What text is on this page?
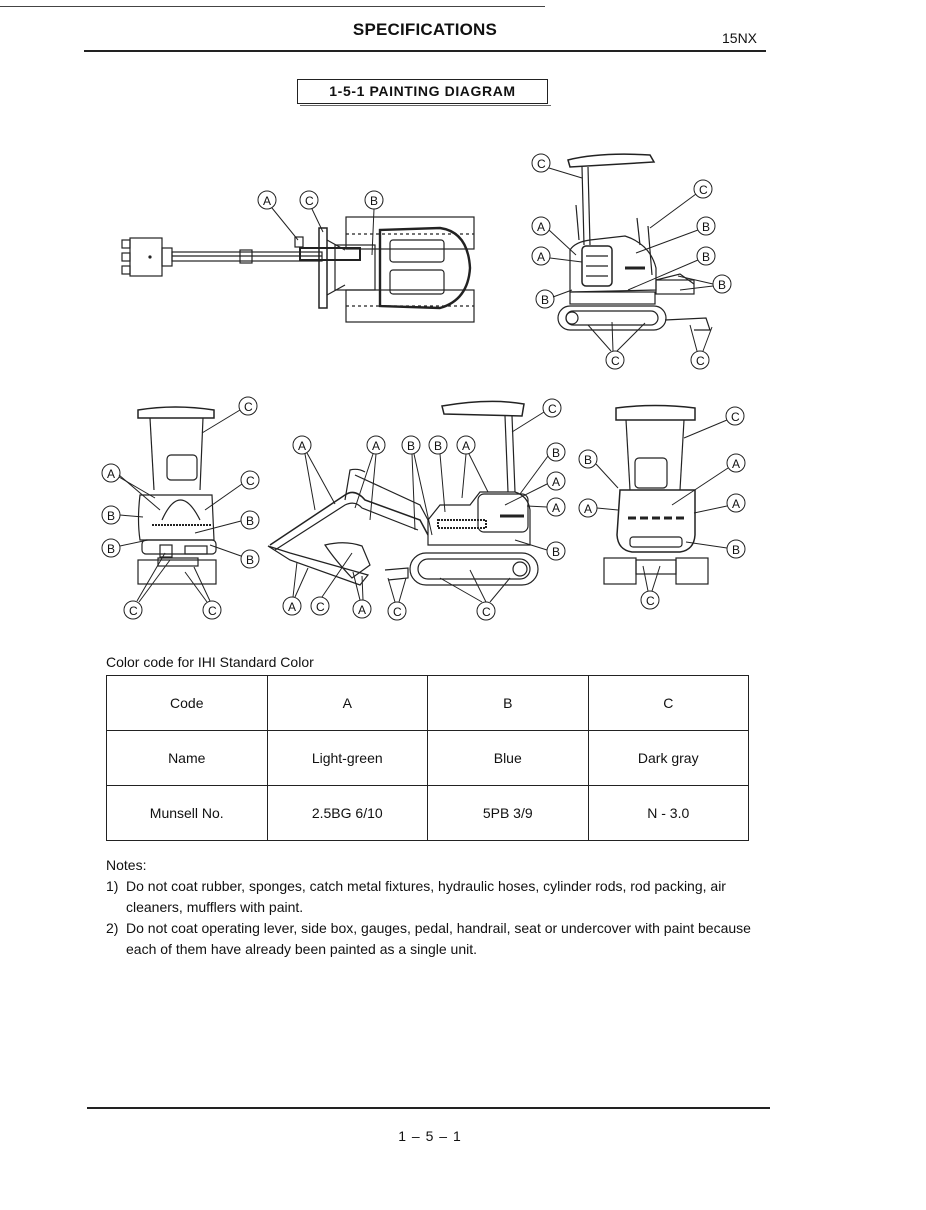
SPECIFICATIONS	15NX
1-5-1 PAINTING DIAGRAM
A	C	B
C
C
A	B
A	B
B
B
C	C
C
A	C
B	B
B
B
C	C
C
A	A B B A	B
A
A
B
A C	A C	C
C
B	A
A	A
B
C
Color code for IHI Standard Color
Code	A	B	C
Name	Light-green	Blue	Dark gray
Munsell No.	2.5BG 6/10	5PB 3/9	N - 3.0
Notes:
1) Do not coat rubber, sponges, catch metal fixtures, hydraulic hoses, cylinder rods, rod packing, air cleaners, mufflers with paint.
2) Do not coat operating lever, side box, gauges, pedal, handrail, seat or undercover with paint because each of them have already been painted as a single unit.
1 – 5 – 1
